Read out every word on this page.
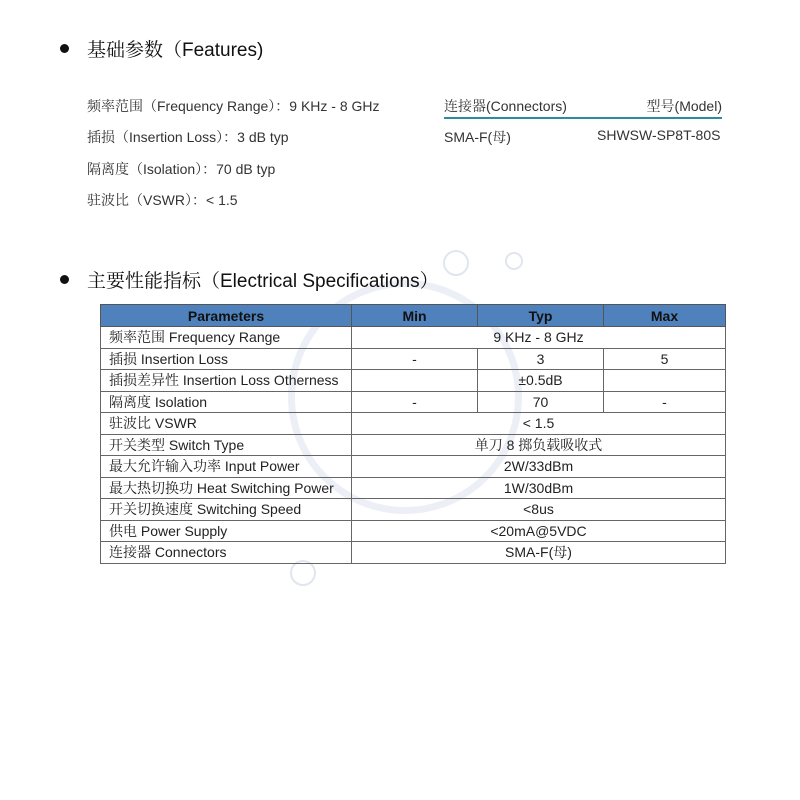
基础参数（Features)
频率范围（Frequency Range）：9 KHz - 8 GHz
插损（Insertion Loss）：3 dB typ
隔离度（Isolation）：70 dB typ
驻波比（VSWR）：< 1.5
连接器(Connectors)	型号(Model)
SMA-F(母)	SHWSW-SP8T-80S
主要性能指标（Electrical Specifications）
Parameters	Min	Typ	Max
频率范围 Frequency Range	9 KHz - 8 GHz		
插损 Insertion Loss	-	3	5
插损差异性 Insertion Loss Otherness		±0.5dB	
隔离度 Isolation	-	70	-
驻波比 VSWR	< 1.5		
开关类型 Switch Type	单刀 8 掷负载吸收式		
最大允许输入功率 Input Power	2W/33dBm		
最大热切换功 Heat Switching Power	1W/30dBm		
开关切换速度 Switching Speed	<8us		
供电 Power Supply	<20mA@5VDC		
连接器 Connectors	SMA-F(母)		
